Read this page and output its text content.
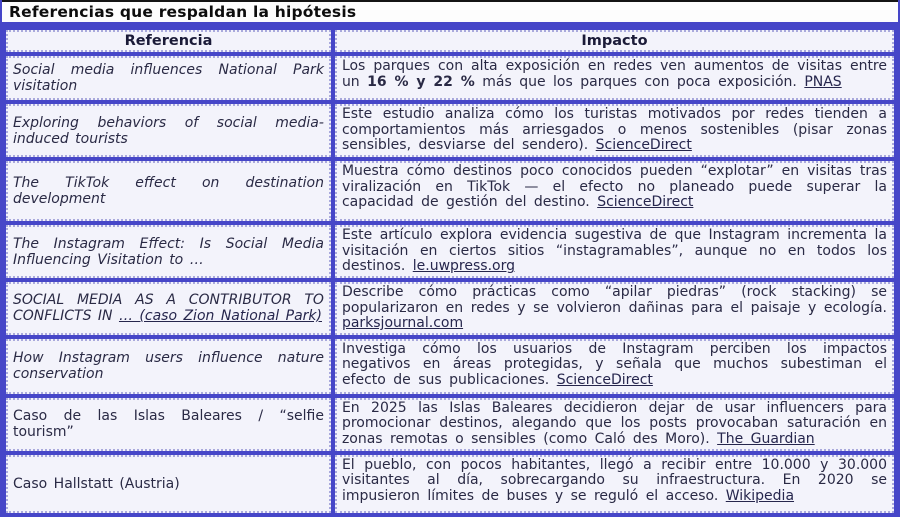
Referencias que respaldan la hipótesis
Referencia	Impacto
Social media influences National Park visitation	Los parques con alta exposición en redes ven aumentos de visitas entre un 16 % y 22 % más que los parques con poca exposición. PNAS
Exploring behaviors of social media-induced tourists	Este estudio analiza cómo los turistas motivados por redes tienden a comportamientos más arriesgados o menos sostenibles (pisar zonas sensibles, desviarse del sendero). ScienceDirect
The TikTok effect on destination development	Muestra cómo destinos poco conocidos pueden “explotar” en visitas tras viralización en TikTok — el efecto no planeado puede superar la capacidad de gestión del destino. ScienceDirect
The Instagram Effect: Is Social Media Influencing Visitation to …	Este artículo explora evidencia sugestiva de que Instagram incrementa la visitación en ciertos sitios “instagramables”, aunque no en todos los destinos. le.uwpress.org
SOCIAL MEDIA AS A CONTRIBUTOR TO CONFLICTS IN … (caso Zion National Park)	Describe cómo prácticas como “apilar piedras” (rock stacking) se popularizaron en redes y se volvieron dañinas para el paisaje y ecología. parksjournal.com
How Instagram users influence nature conservation	Investiga cómo los usuarios de Instagram perciben los impactos negativos en áreas protegidas, y señala que muchos subestiman el efecto de sus publicaciones. ScienceDirect
Caso de las Islas Baleares / “selfie tourism”	En 2025 las Islas Baleares decidieron dejar de usar influencers para promocionar destinos, alegando que los posts provocaban saturación en zonas remotas o sensibles (como Caló des Moro). The Guardian
Caso Hallstatt (Austria)	El pueblo, con pocos habitantes, llegó a recibir entre 10.000 y 30.000 visitantes al día, sobrecargando su infraestructura. En 2020 se impusieron límites de buses y se reguló el acceso. Wikipedia
